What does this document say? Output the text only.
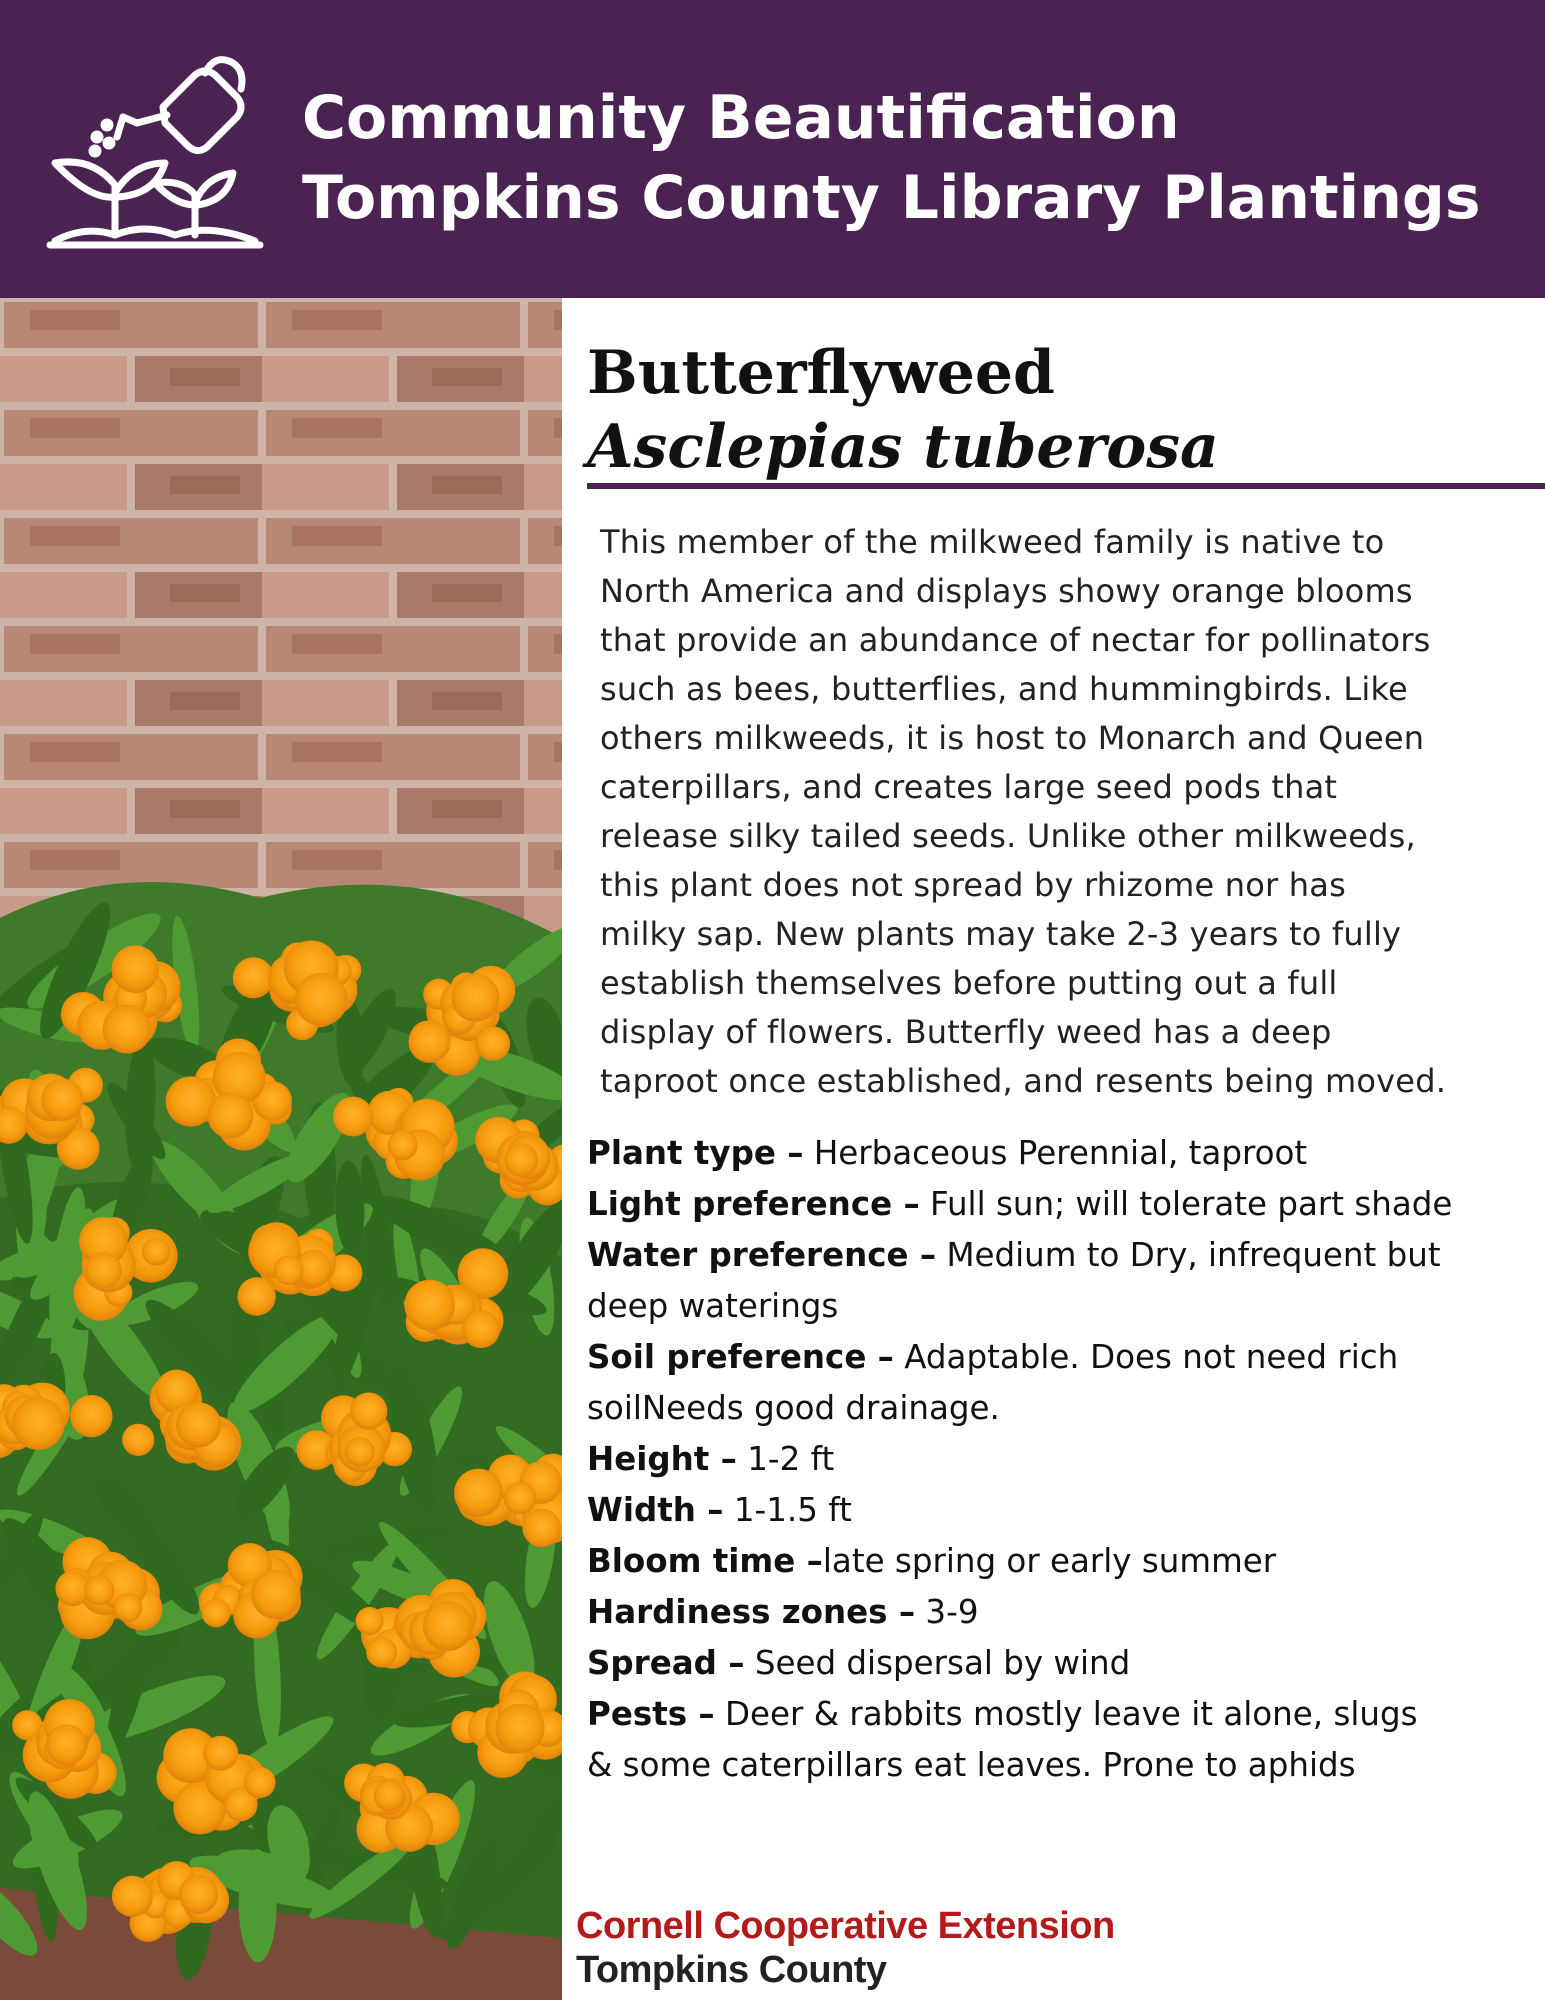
Community Beautification
Tompkins County Library Plantings
Butterflyweed
Asclepias tuberosa
This member of the milkweed family is native to
North America and displays showy orange blooms
that provide an abundance of nectar for pollinators
such as bees, butterflies, and hummingbirds. Like
others milkweeds, it is host to Monarch and Queen
caterpillars, and creates large seed pods that
release silky tailed seeds. Unlike other milkweeds,
this plant does not spread by rhizome nor has
milky sap. New plants may take 2-3 years to fully
establish themselves before putting out a full
display of flowers. Butterfly weed has a deep
taproot once established, and resents being moved.
Plant type – Herbaceous Perennial, taproot
Light preference – Full sun; will tolerate part shade
Water preference – Medium to Dry, infrequent but
deep waterings
Soil preference – Adaptable. Does not need rich
soilNeeds good drainage.
Height – 1-2 ft
Width – 1-1.5 ft
Bloom time –late spring or early summer
Hardiness zones – 3-9
Spread – Seed dispersal by wind
Pests – Deer & rabbits mostly leave it alone, slugs
& some caterpillars eat leaves. Prone to aphids
Cornell Cooperative Extension
Tompkins County
